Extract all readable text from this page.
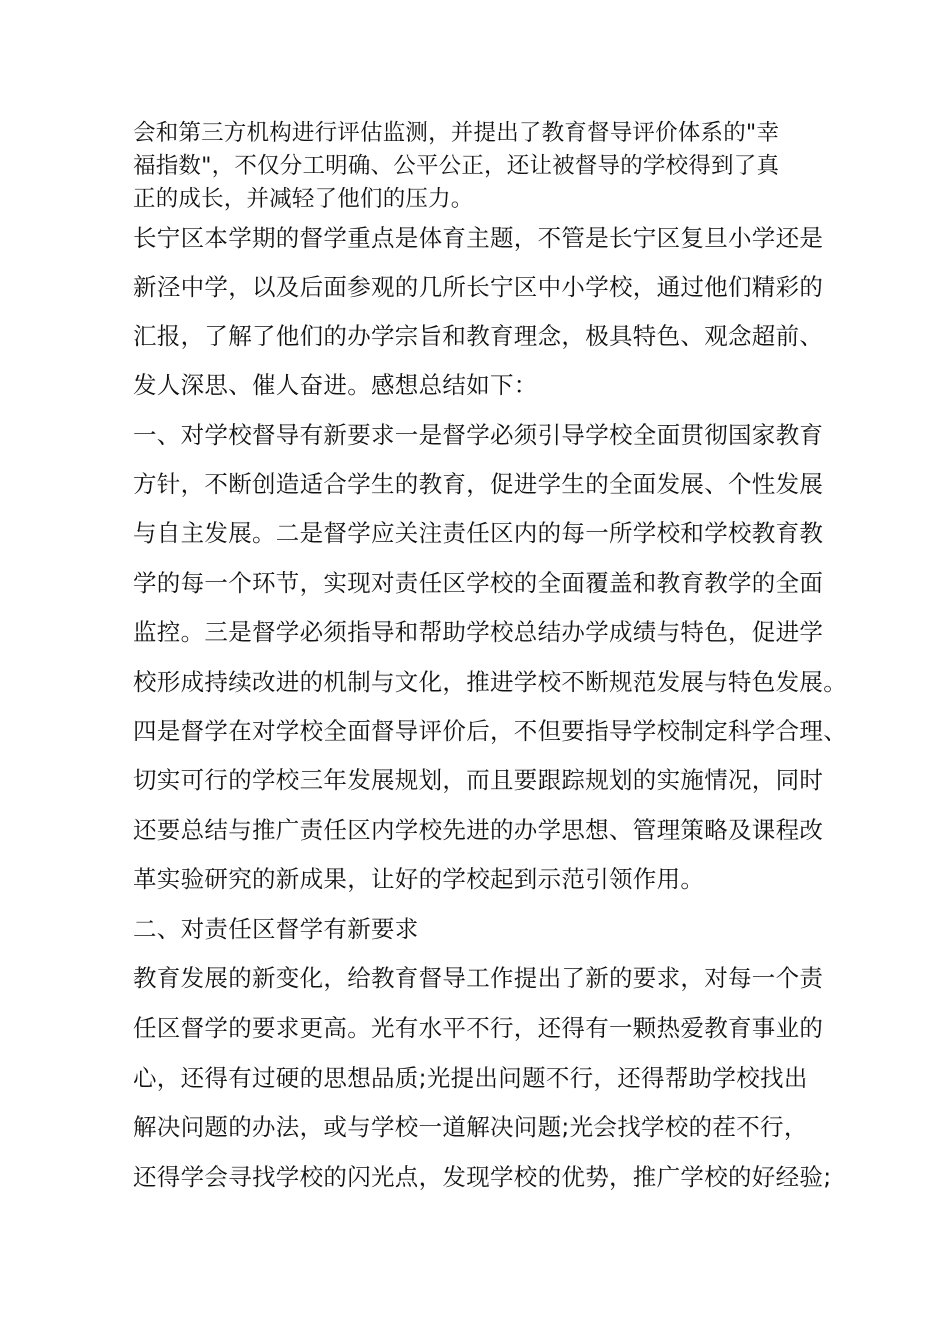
会和第三方机构进行评估监测，并提出了教育督导评价体系的"幸
福指数"，不仅分工明确、公平公正，还让被督导的学校得到了真
正的成长，并减轻了他们的压力。
长宁区本学期的督学重点是体育主题，不管是长宁区复旦小学还是
新泾中学，以及后面参观的几所长宁区中小学校，通过他们精彩的
汇报，了解了他们的办学宗旨和教育理念，极具特色、观念超前、
发人深思、催人奋进。感想总结如下：
一、对学校督导有新要求一是督学必须引导学校全面贯彻国家教育
方针，不断创造适合学生的教育，促进学生的全面发展、个性发展
与自主发展。二是督学应关注责任区内的每一所学校和学校教育教
学的每一个环节，实现对责任区学校的全面覆盖和教育教学的全面
监控。三是督学必须指导和帮助学校总结办学成绩与特色，促进学
校形成持续改进的机制与文化，推进学校不断规范发展与特色发展。
四是督学在对学校全面督导评价后，不但要指导学校制定科学合理、
切实可行的学校三年发展规划，而且要跟踪规划的实施情况，同时
还要总结与推广责任区内学校先进的办学思想、管理策略及课程改
革实验研究的新成果，让好的学校起到示范引领作用。
二、对责任区督学有新要求
教育发展的新变化，给教育督导工作提出了新的要求，对每一个责
任区督学的要求更高。光有水平不行，还得有一颗热爱教育事业的
心，还得有过硬的思想品质;光提出问题不行，还得帮助学校找出
解决问题的办法，或与学校一道解决问题;光会找学校的茬不行，
还得学会寻找学校的闪光点，发现学校的优势，推广学校的好经验;
